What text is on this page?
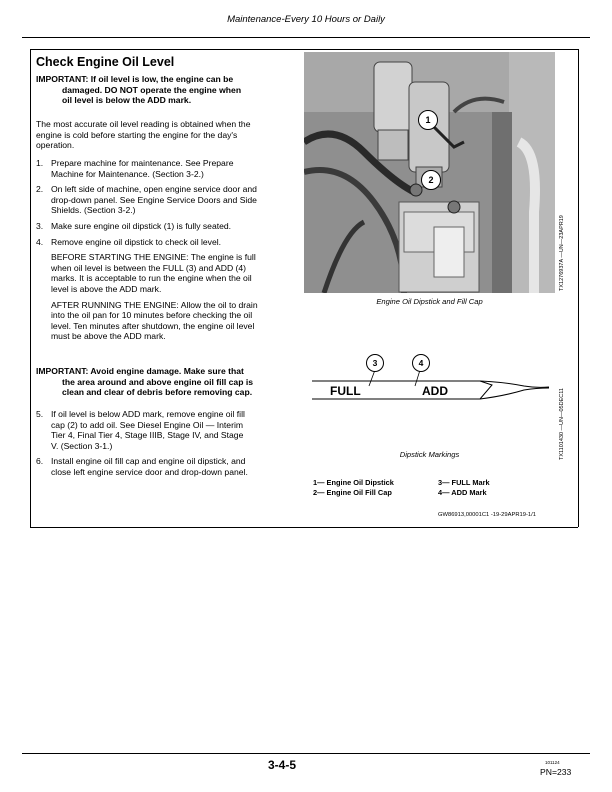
Maintenance-Every 10 Hours or Daily
Check Engine Oil Level
IMPORTANT: If oil level is low, the engine can be
damaged. DO NOT operate the engine when
oil level is below the ADD mark.
The most accurate oil level reading is obtained when the
engine is cold before starting the engine for the day's
operation.
1. Prepare machine for maintenance. See Prepare
Machine for Maintenance. (Section 3-2.)
2. On left side of machine, open engine service door and
drop-down panel. See Engine Service Doors and Side
Shields. (Section 3-2.)
3. Make sure engine oil dipstick (1) is fully seated.
4. Remove engine oil dipstick to check oil level.
BEFORE STARTING THE ENGINE: The engine is full
when oil level is between the FULL (3) and ADD (4)
marks. It is acceptable to run the engine when the oil
level is above the ADD mark.
AFTER RUNNING THE ENGINE: Allow the oil to drain
into the oil pan for 10 minutes before checking the oil
level. Ten minutes after shutdown, the engine oil level
must be above the ADD mark.
IMPORTANT: Avoid engine damage. Make sure that
the area around and above engine oil fill cap is
clean and clear of debris before removing cap.
5. If oil level is below ADD mark, remove engine oil fill
cap (2) to add oil. See Diesel Engine Oil — Interim
Tier 4, Final Tier 4, Stage IIIB, Stage IV, and Stage
V. (Section 3-1.)
6. Install engine oil fill cap and engine oil dipstick, and
close left engine service door and drop-down panel.
1
2
Engine Oil Dipstick and Fill Cap
TX1276937A —UN—23APR19
FULL	ADD
3	4
Dipstick Markings	TX1101430 —UN—05DEC11
1— Engine Oil Dipstick
2— Engine Oil Fill Cap
3— FULL Mark
4— ADD Mark
GW86913,00001C1 -19-29APR19-1/1
3-4-5	101124
PN=233
